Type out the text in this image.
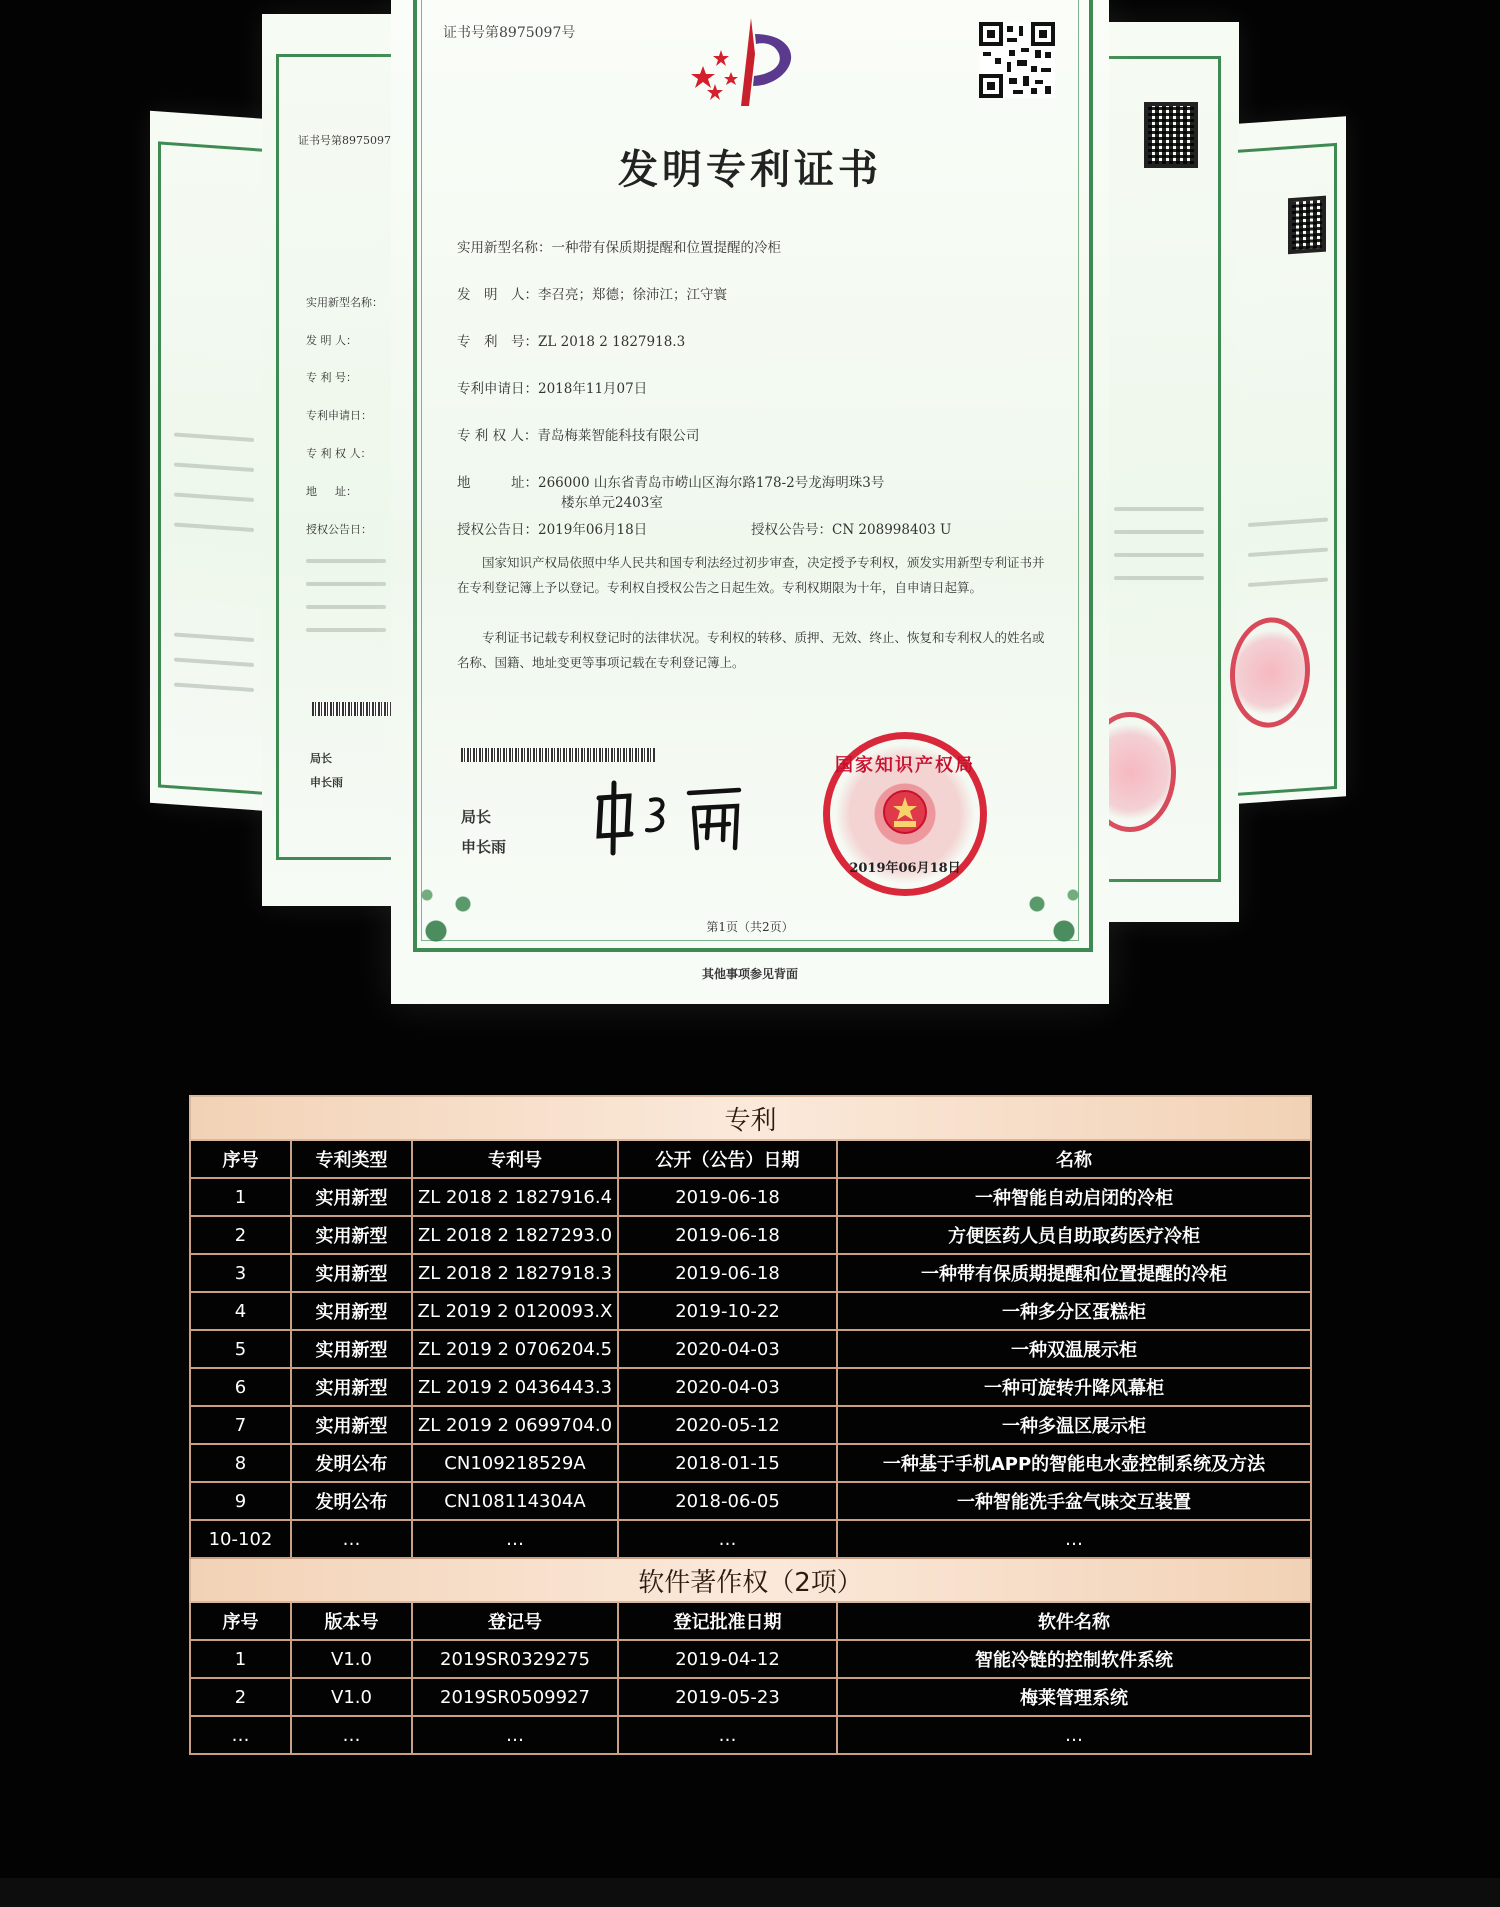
证书号第8975097
实用新型名称：
发 明 人：
专 利 号：
专利申请日：
专 利 权 人：
地 　 址：
授权公告日：
局长
申长雨
证书号第8975097号
发明专利证书
实用新型名称：一种带有保质期提醒和位置提醒的冷柜
发　明　人：李召亮；郑德；徐沛江；江守寰
专　利　号：ZL 2018 2 1827918.3
专利申请日：2018年11月07日
专 利 权 人：青岛梅莱智能科技有限公司
地　　　址：266000 山东省青岛市崂山区海尔路178-2号龙海明珠3号
楼东单元2403室
授权公告日：2019年06月18日	授权公告号：CN 208998403 U
国家知识产权局依照中华人民共和国专利法经过初步审查，决定授予专利权，颁发实用新型专利证书并在专利登记簿上予以登记。专利权自授权公告之日起生效。专利权期限为十年，自申请日起算。
专利证书记载专利权登记时的法律状况。专利权的转移、质押、无效、终止、恢复和专利权人的姓名或名称、国籍、地址变更等事项记载在专利登记簿上。
局长
申长雨
国家知识产权局
2019年06月18日
第1页（共2页）
其他事项参见背面
专利				
序号	专利类型	专利号	公开（公告）日期	名称
1	实用新型	ZL 2018 2 1827916.4	2019-06-18	一种智能自动启闭的冷柜
2	实用新型	ZL 2018 2 1827293.0	2019-06-18	方便医药人员自助取药医疗冷柜
3	实用新型	ZL 2018 2 1827918.3	2019-06-18	一种带有保质期提醒和位置提醒的冷柜
4	实用新型	ZL 2019 2 0120093.X	2019-10-22	一种多分区蛋糕柜
5	实用新型	ZL 2019 2 0706204.5	2020-04-03	一种双温展示柜
6	实用新型	ZL 2019 2 0436443.3	2020-04-03	一种可旋转升降风幕柜
7	实用新型	ZL 2019 2 0699704.0	2020-05-12	一种多温区展示柜
8	发明公布	CN109218529A	2018-01-15	一种基于手机APP的智能电水壶控制系统及方法
9	发明公布	CN108114304A	2018-06-05	一种智能洗手盆气味交互装置
10-102	…	…	…	…
软件著作权（2项）				
序号	版本号	登记号	登记批准日期	软件名称
1	V1.0	2019SR0329275	2019-04-12	智能冷链的控制软件系统
2	V1.0	2019SR0509927	2019-05-23	梅莱管理系统
…	…	…	…	…
